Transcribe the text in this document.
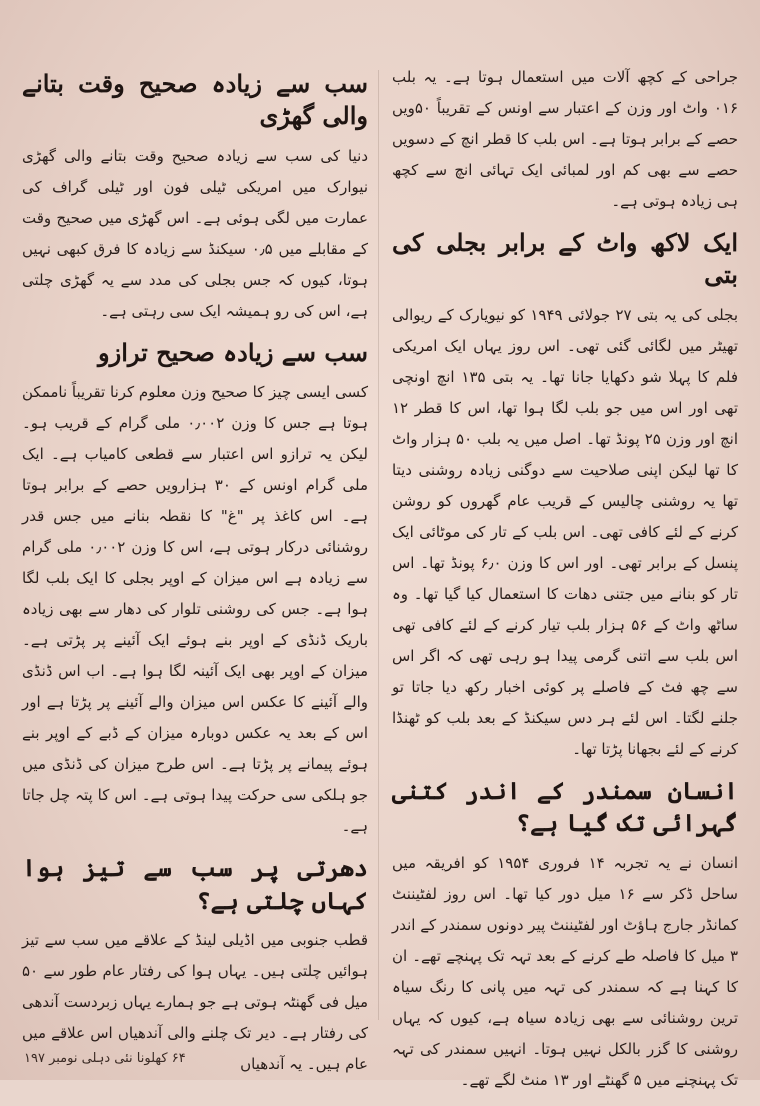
جراحی کے کچھ آلات میں استعمال ہوتا ہے۔ یہ بلب ۰۱۶ واٹ اور وزن کے اعتبار سے اونس کے تقریباً ۵۰ویں حصے کے برابر ہوتا ہے۔ اس بلب کا قطر انچ کے دسویں حصے سے بھی کم اور لمبائی ایک تہائی انچ سے کچھ ہی زیادہ ہوتی ہے۔

ایک لاکھ واٹ کے برابر بجلی کی بتی

بجلی کی یہ بتی ۲۷ جولائی ۱۹۴۹ کو نیویارک کے ریوالی تھیٹر میں لگائی گئی تھی۔ اس روز یہاں ایک امریکی فلم کا پہلا شو دکھایا جانا تھا۔ یہ بتی ۱۳۵ انچ اونچی تھی اور اس میں جو بلب لگا ہوا تھا، اس کا قطر ۱۲ انچ اور وزن ۲۵ پونڈ تھا۔ اصل میں یہ بلب ۵۰ ہزار واٹ کا تھا لیکن اپنی صلاحیت سے دوگنی زیادہ روشنی دیتا تھا یہ روشنی چالیس کے قریب عام گھروں کو روشن کرنے کے لئے کافی تھی۔ اس بلب کے تار کی موٹائی ایک پنسل کے برابر تھی۔ اور اس کا وزن ۶٫۰ پونڈ تھا۔ اس تار کو بنانے میں جتنی دھات کا استعمال کیا گیا تھا۔ وہ ساٹھ واٹ کے ۵۶ ہزار بلب تیار کرنے کے لئے کافی تھی اس بلب سے اتنی گرمی پیدا ہو رہی تھی کہ اگر اس سے چھ فٹ کے فاصلے پر کوئی اخبار رکھ دیا جاتا تو جلنے لگتا۔ اس لئے ہر دس سیکنڈ کے بعد بلب کو ٹھنڈا کرنے کے لئے بجھانا پڑتا تھا۔

انسان سمندر کے اندر کتنی گہرائی تک گیا ہے؟

انسان نے یہ تجربہ ۱۴ فروری ۱۹۵۴ کو افریقہ میں ساحل ڈکر سے ۱۶ میل دور کیا تھا۔ اس روز لفٹیننٹ کمانڈر جارج ہاؤٹ اور لفٹیننٹ پیر دونوں سمندر کے اندر ۳ میل کا فاصلہ طے کرنے کے بعد تہہ تک پہنچے تھے۔ ان کا کہنا ہے کہ سمندر کی تہہ میں پانی کا رنگ سیاہ ترین روشنائی سے بھی زیادہ سیاہ ہے، کیوں کہ یہاں روشنی کا گزر بالکل نہیں ہوتا۔ انہیں سمندر کی تہہ تک پہنچنے میں ۵ گھنٹے اور ۱۳ منٹ لگے تھے۔

سب سے زیادہ صحیح وقت بتانے والی گھڑی

دنیا کی سب سے زیادہ صحیح وقت بتانے والی گھڑی نیوارک میں امریکی ٹیلی فون اور ٹیلی گراف کی عمارت میں لگی ہوئی ہے۔ اس گھڑی میں صحیح وقت کے مقابلے میں ۰٫۵ سیکنڈ سے زیادہ کا فرق کبھی نہیں ہوتا، کیوں کہ جس بجلی کی مدد سے یہ گھڑی چلتی ہے، اس کی رو ہمیشہ ایک سی رہتی ہے۔

سب سے زیادہ صحیح ترازو

کسی ایسی چیز کا صحیح وزن معلوم کرنا تقریباً ناممکن ہوتا ہے جس کا وزن ۰٫۰۰۲ ملی گرام کے قریب ہو۔ لیکن یہ ترازو اس اعتبار سے قطعی کامیاب ہے۔ ایک ملی گرام اونس کے ۳۰ ہزارویں حصے کے برابر ہوتا ہے۔ اس کاغذ پر "غ" کا نقطہ بنانے میں جس قدر روشنائی درکار ہوتی ہے، اس کا وزن ۰٫۰۰۲ ملی گرام سے زیادہ ہے اس میزان کے اوپر بجلی کا ایک بلب لگا ہوا ہے۔ جس کی روشنی تلوار کی دھار سے بھی زیادہ باریک ڈنڈی کے اوپر بنے ہوئے ایک آئینے پر پڑتی ہے۔ میزان کے اوپر بھی ایک آئینہ لگا ہوا ہے۔ اب اس ڈنڈی والے آئینے کا عکس اس میزان والے آئینے پر پڑتا ہے اور اس کے بعد یہ عکس دوبارہ میزان کے ڈبے کے اوپر بنے ہوئے پیمانے پر پڑتا ہے۔ اس طرح میزان کی ڈنڈی میں جو ہلکی سی حرکت پیدا ہوتی ہے۔ اس کا پتہ چل جاتا ہے۔

دھرتی پر سب سے تیز ہوا کہاں چلتی ہے؟

قطب جنوبی میں اڈیلی لینڈ کے علاقے میں سب سے تیز ہوائیں چلتی ہیں۔ یہاں ہوا کی رفتار عام طور سے ۵۰ میل فی گھنٹہ ہوتی ہے جو ہمارے یہاں زبردست آندھی کی رفتار ہے۔ دیر تک چلنے والی آندھیاں اس علاقے میں عام ہیں۔ یہ آندھیاں

۶۴ کھلونا نئی دہلی نومبر ۱۹۷
